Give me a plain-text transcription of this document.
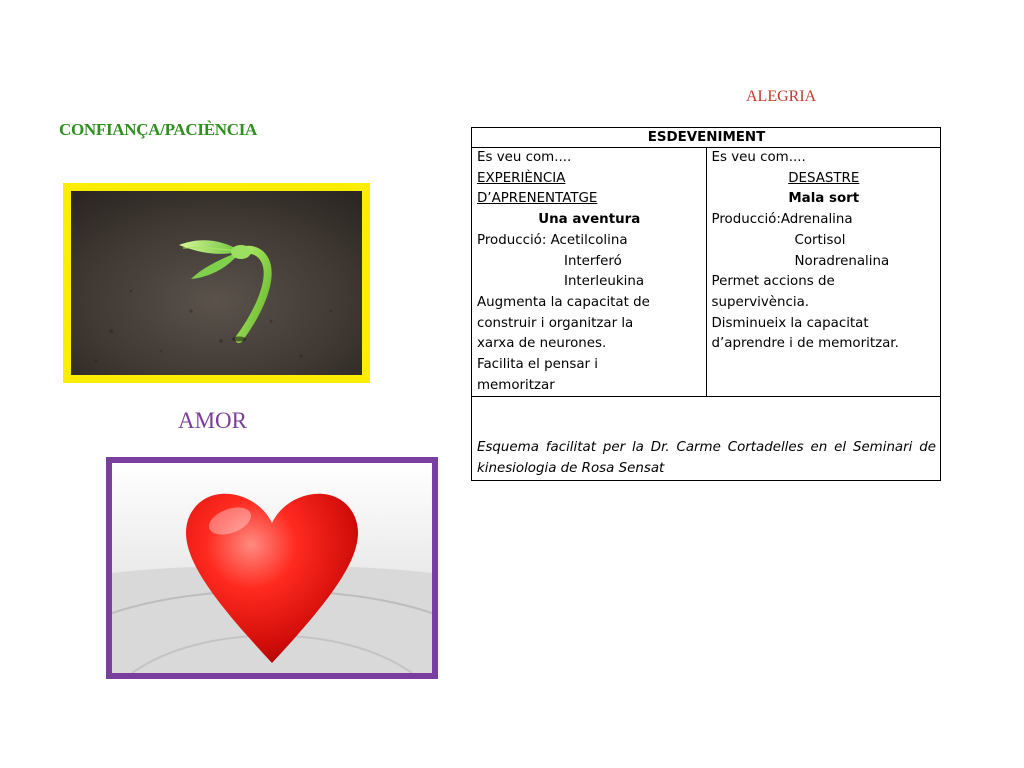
ALEGRIA
CONFIANÇA/PACIÈNCIA
AMOR
ESDEVENIMENT

Es veu com....
EXPERIÈNCIA
D’APRENENTATGE
Una aventura
Producció: Acetilcolina
Interferó
Interleukina
Augmenta la capacitat de
construir i organitzar la
xarxa de neurones.
Facilita el pensar i
memoritzar

Es veu com....
DESASTRE
Mala sort
Producció:Adrenalina
Cortisol
Noradrenalina
Permet accions de
supervivència.
Disminueix la capacitat
d’aprendre i de memoritzar.

Esquema facilitat per la Dr. Carme Cortadelles en el Seminari de kinesiologia de Rosa Sensat
